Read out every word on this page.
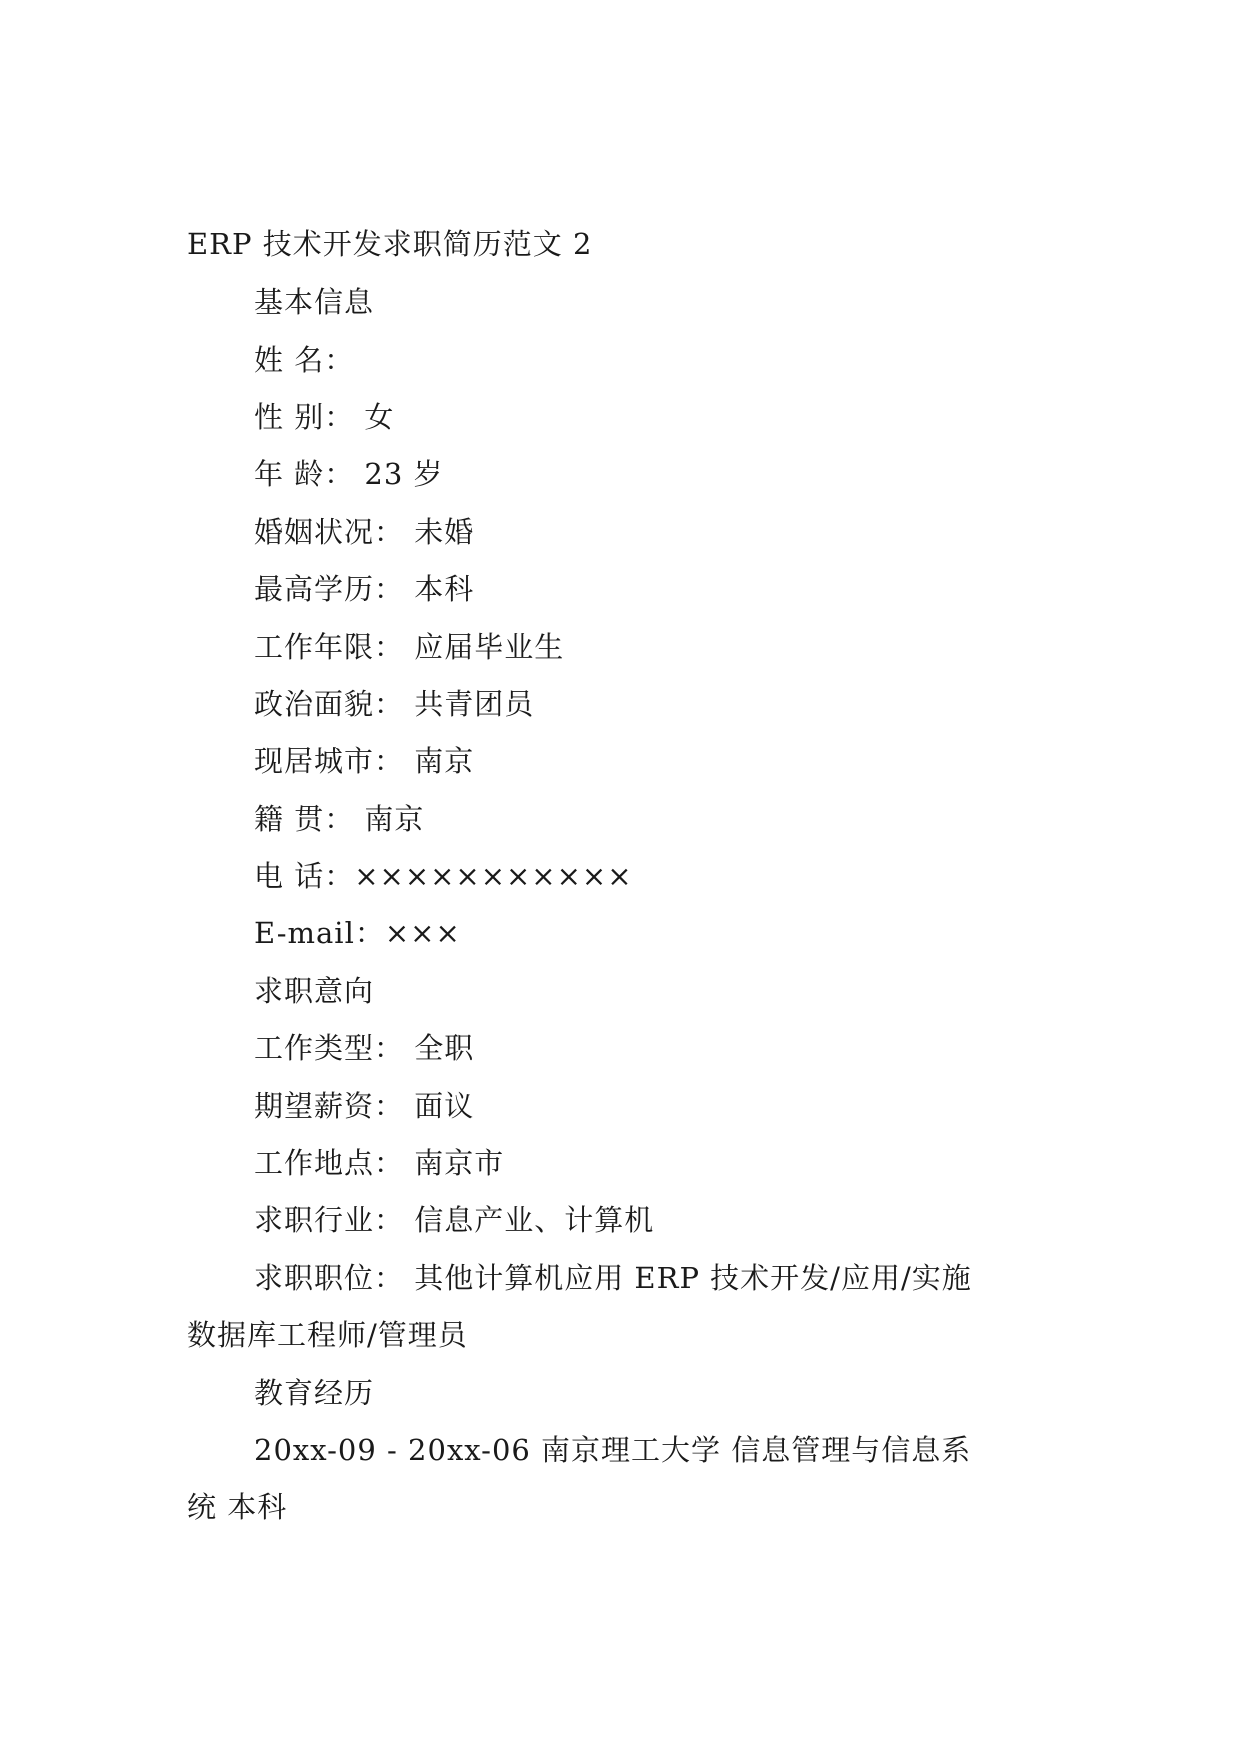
ERP 技术开发求职简历范文 2
基本信息
姓 名：
性 别： 女
年 龄： 23 岁
婚姻状况： 未婚
最高学历： 本科
工作年限： 应届毕业生
政治面貌： 共青团员
现居城市： 南京
籍 贯： 南京
电 话：×××××××××××
E-mail：×××
求职意向
工作类型： 全职
期望薪资： 面议
工作地点： 南京市
求职行业： 信息产业、计算机
求职职位： 其他计算机应用 ERP 技术开发/应用/实施
数据库工程师/管理员
教育经历
20xx-09 - 20xx-06 南京理工大学 信息管理与信息系
统 本科
